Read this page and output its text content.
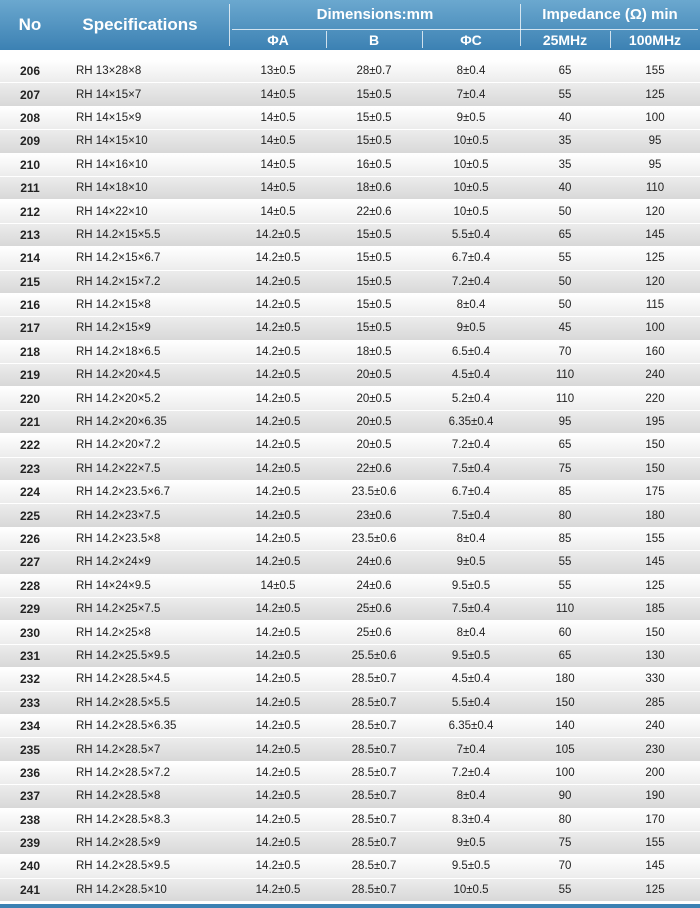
No	Specifications
Dimensions:mm	Impedance (Ω) min
ΦA	B	ΦC	25MHz	100MHz
206	RH 13×28×8	13±0.5	28±0.7	8±0.4	65	155
207	RH 14×15×7	14±0.5	15±0.5	7±0.4	55	125
208	RH 14×15×9	14±0.5	15±0.5	9±0.5	40	100
209	RH 14×15×10	14±0.5	15±0.5	10±0.5	35	95
210	RH 14×16×10	14±0.5	16±0.5	10±0.5	35	95
211	RH 14×18×10	14±0.5	18±0.6	10±0.5	40	110
212	RH 14×22×10	14±0.5	22±0.6	10±0.5	50	120
213	RH 14.2×15×5.5	14.2±0.5	15±0.5	5.5±0.4	65	145
214	RH 14.2×15×6.7	14.2±0.5	15±0.5	6.7±0.4	55	125
215	RH 14.2×15×7.2	14.2±0.5	15±0.5	7.2±0.4	50	120
216	RH 14.2×15×8	14.2±0.5	15±0.5	8±0.4	50	115
217	RH 14.2×15×9	14.2±0.5	15±0.5	9±0.5	45	100
218	RH 14.2×18×6.5	14.2±0.5	18±0.5	6.5±0.4	70	160
219	RH 14.2×20×4.5	14.2±0.5	20±0.5	4.5±0.4	110	240
220	RH 14.2×20×5.2	14.2±0.5	20±0.5	5.2±0.4	110	220
221	RH 14.2×20×6.35	14.2±0.5	20±0.5	6.35±0.4	95	195
222	RH 14.2×20×7.2	14.2±0.5	20±0.5	7.2±0.4	65	150
223	RH 14.2×22×7.5	14.2±0.5	22±0.6	7.5±0.4	75	150
224	RH 14.2×23.5×6.7	14.2±0.5	23.5±0.6	6.7±0.4	85	175
225	RH 14.2×23×7.5	14.2±0.5	23±0.6	7.5±0.4	80	180
226	RH 14.2×23.5×8	14.2±0.5	23.5±0.6	8±0.4	85	155
227	RH 14.2×24×9	14.2±0.5	24±0.6	9±0.5	55	145
228	RH 14×24×9.5	14±0.5	24±0.6	9.5±0.5	55	125
229	RH 14.2×25×7.5	14.2±0.5	25±0.6	7.5±0.4	110	185
230	RH 14.2×25×8	14.2±0.5	25±0.6	8±0.4	60	150
231	RH 14.2×25.5×9.5	14.2±0.5	25.5±0.6	9.5±0.5	65	130
232	RH 14.2×28.5×4.5	14.2±0.5	28.5±0.7	4.5±0.4	180	330
233	RH 14.2×28.5×5.5	14.2±0.5	28.5±0.7	5.5±0.4	150	285
234	RH 14.2×28.5×6.35	14.2±0.5	28.5±0.7	6.35±0.4	140	240
235	RH 14.2×28.5×7	14.2±0.5	28.5±0.7	7±0.4	105	230
236	RH 14.2×28.5×7.2	14.2±0.5	28.5±0.7	7.2±0.4	100	200
237	RH 14.2×28.5×8	14.2±0.5	28.5±0.7	8±0.4	90	190
238	RH 14.2×28.5×8.3	14.2±0.5	28.5±0.7	8.3±0.4	80	170
239	RH 14.2×28.5×9	14.2±0.5	28.5±0.7	9±0.5	75	155
240	RH 14.2×28.5×9.5	14.2±0.5	28.5±0.7	9.5±0.5	70	145
241	RH 14.2×28.5×10	14.2±0.5	28.5±0.7	10±0.5	55	125
